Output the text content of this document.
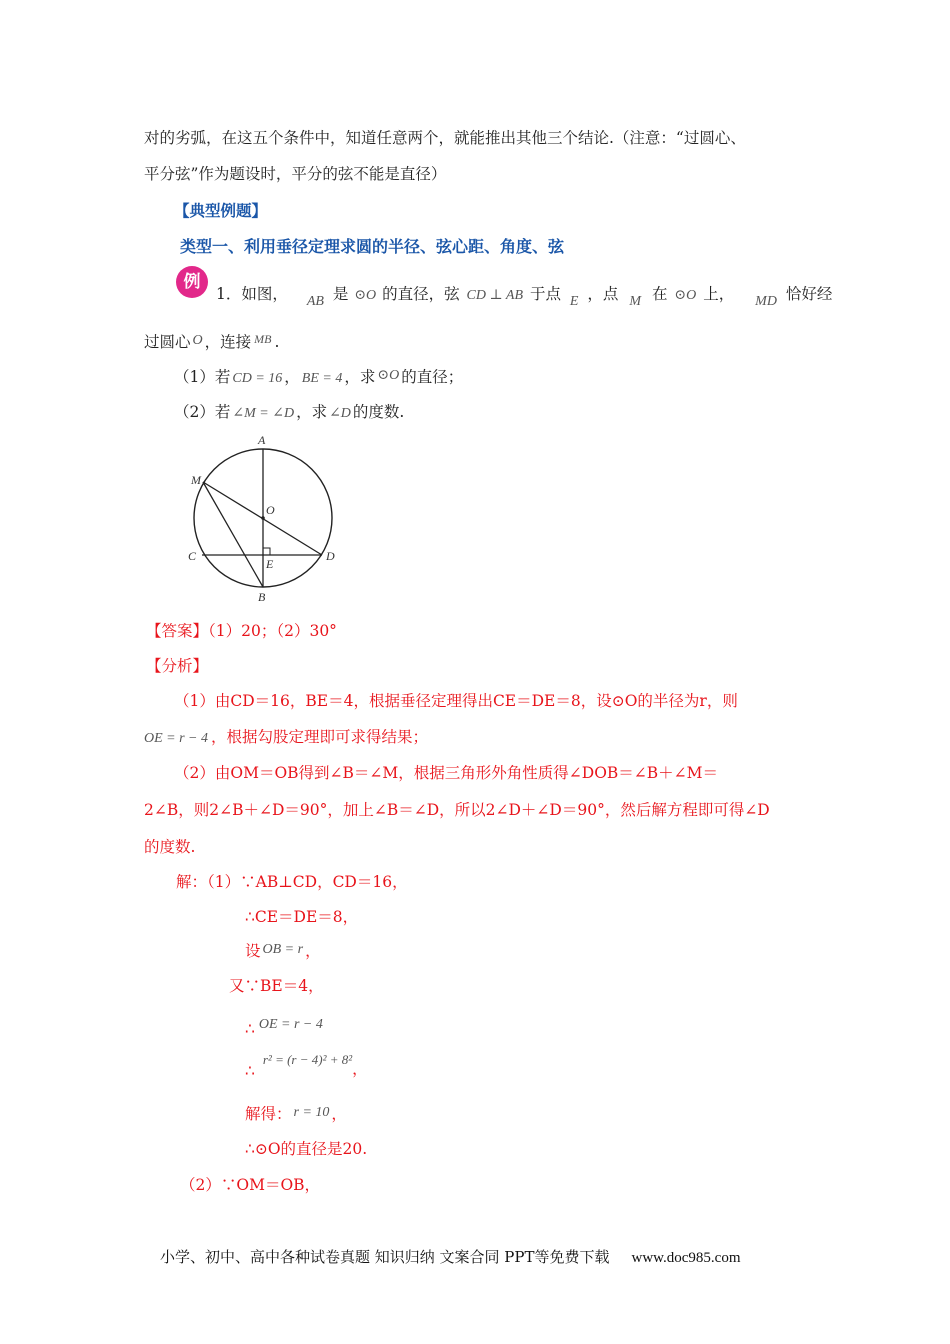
对的劣弧，在这五个条件中，知道任意两个，就能推出其他三个结论.（注意：“过圆心、
平分弦”作为题设时，平分的弦不能是直径）
【典型例题】
类型一、利用垂径定理求圆的半径、弦心距、角度、弦
例
1．如图， AB 是 ⊙O 的直径，弦 CD ⊥ AB 于点 E ，点 M 在 ⊙O 上， MD 恰好经
过圆心 O ，连接 $^{MB}$ .
（1）若 CD = 16 ， BE = 4 ，求 ⊙O 的直径；
（2）若 ∠M = ∠D ，求 ∠D 的度数.
A
M
O
C	D
E
B
【答案】（1）20；（2）30°
【分析】
（1）由CD＝16，BE＝4，根据垂径定理得出CE＝DE＝8，设⊙O的半径为r，则
OE = r − 4 ，根据勾股定理即可求得结果；
（2）由OM＝OB得到∠B＝∠M，根据三角形外角性质得∠DOB＝∠B＋∠M＝
2∠B，则2∠B＋∠D＝90°，加上∠B＝∠D，所以2∠D＋∠D＝90°，然后解方程即可得∠D
的度数.
解：（1）∵AB⊥CD，CD＝16，
∴CE＝DE＝8，
设 OB = r ，
又∵BE＝4，
∴ OE = r − 4
∴r² = (r − 4)² + 8²，
解得： r = 10 ，
∴⊙O的直径是20.
（2）∵OM＝OB，
小学、初中、高中各种试卷真题 知识归纳 文案合同 PPT等免费下载 www.doc985.com
